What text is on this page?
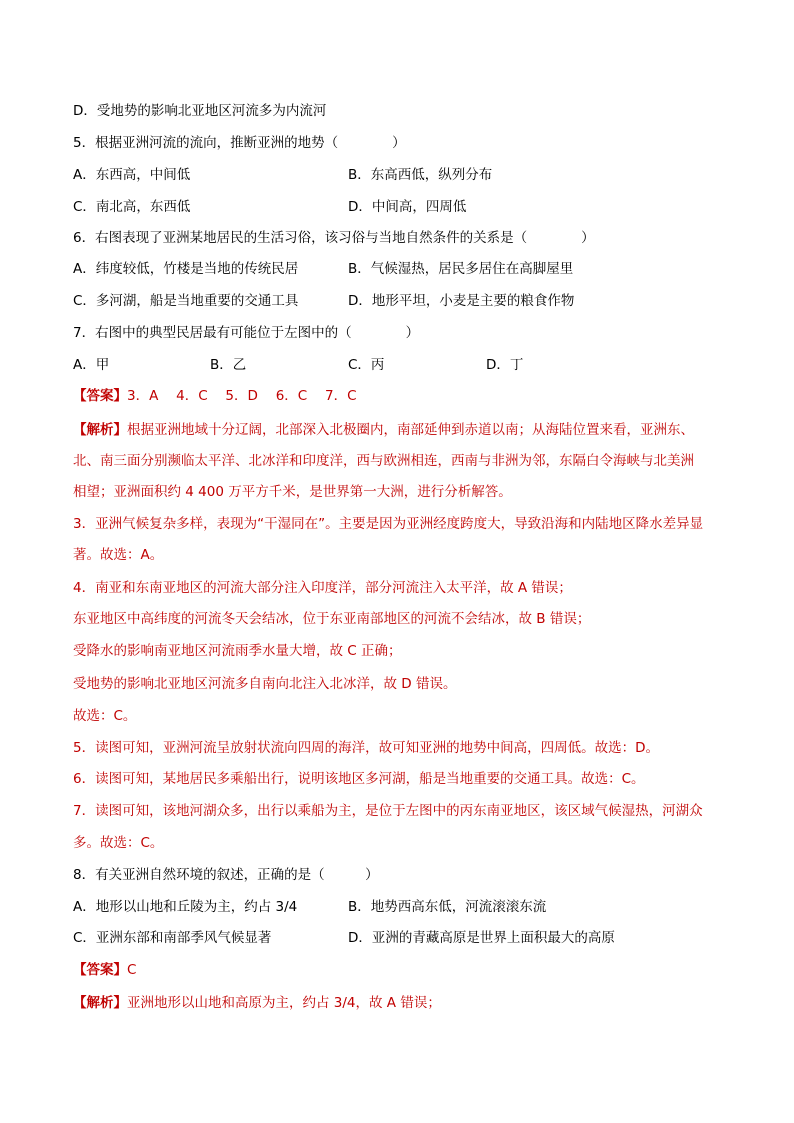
D．受地势的影响北亚地区河流多为内流河
5．根据亚洲河流的流向，推断亚洲的地势（　　　　）
A．东西高，中间低	B．东高西低，纵列分布
C．南北高，东西低	D．中间高，四周低
6．右图表现了亚洲某地居民的生活习俗，该习俗与当地自然条件的关系是（　　　　）
A．纬度较低，竹楼是当地的传统民居	B．气候湿热，居民多居住在高脚屋里
C．多河湖，船是当地重要的交通工具	D．地形平坦，小麦是主要的粮食作物
7．右图中的典型民居最有可能位于左图中的（　　　　）
A．甲	B．乙	C．丙	D．丁
【答案】3．A　 4．C　 5．D　 6．C　 7．C
【解析】根据亚洲地域十分辽阔，北部深入北极圈内，南部延伸到赤道以南；从海陆位置来看，亚洲东、
北、南三面分别濒临太平洋、北冰洋和印度洋，西与欧洲相连，西南与非洲为邻，东隔白令海峡与北美洲
相望；亚洲面积约 4 400 万平方千米，是世界第一大洲，进行分析解答。
3．亚洲气候复杂多样，表现为“干湿同在”。主要是因为亚洲经度跨度大，导致沿海和内陆地区降水差异显
著。故选：A。
4．南亚和东南亚地区的河流大部分注入印度洋，部分河流注入太平洋，故 A 错误；
东亚地区中高纬度的河流冬天会结冰，位于东亚南部地区的河流不会结冰，故 B 错误；
受降水的影响南亚地区河流雨季水量大增，故 C 正确；
受地势的影响北亚地区河流多自南向北注入北冰洋，故 D 错误。
故选：C。
5．读图可知，亚洲河流呈放射状流向四周的海洋，故可知亚洲的地势中间高，四周低。故选：D。
6．读图可知，某地居民多乘船出行，说明该地区多河湖，船是当地重要的交通工具。故选：C。
7．读图可知，该地河湖众多，出行以乘船为主，是位于左图中的丙东南亚地区，该区域气候湿热，河湖众
多。故选：C。
8．有关亚洲自然环境的叙述，正确的是（　　　）
A．地形以山地和丘陵为主，约占 3/4	B．地势西高东低，河流滚滚东流
C．亚洲东部和南部季风气候显著	D．亚洲的青藏高原是世界上面积最大的高原
【答案】C
【解析】亚洲地形以山地和高原为主，约占 3/4，故 A 错误；
